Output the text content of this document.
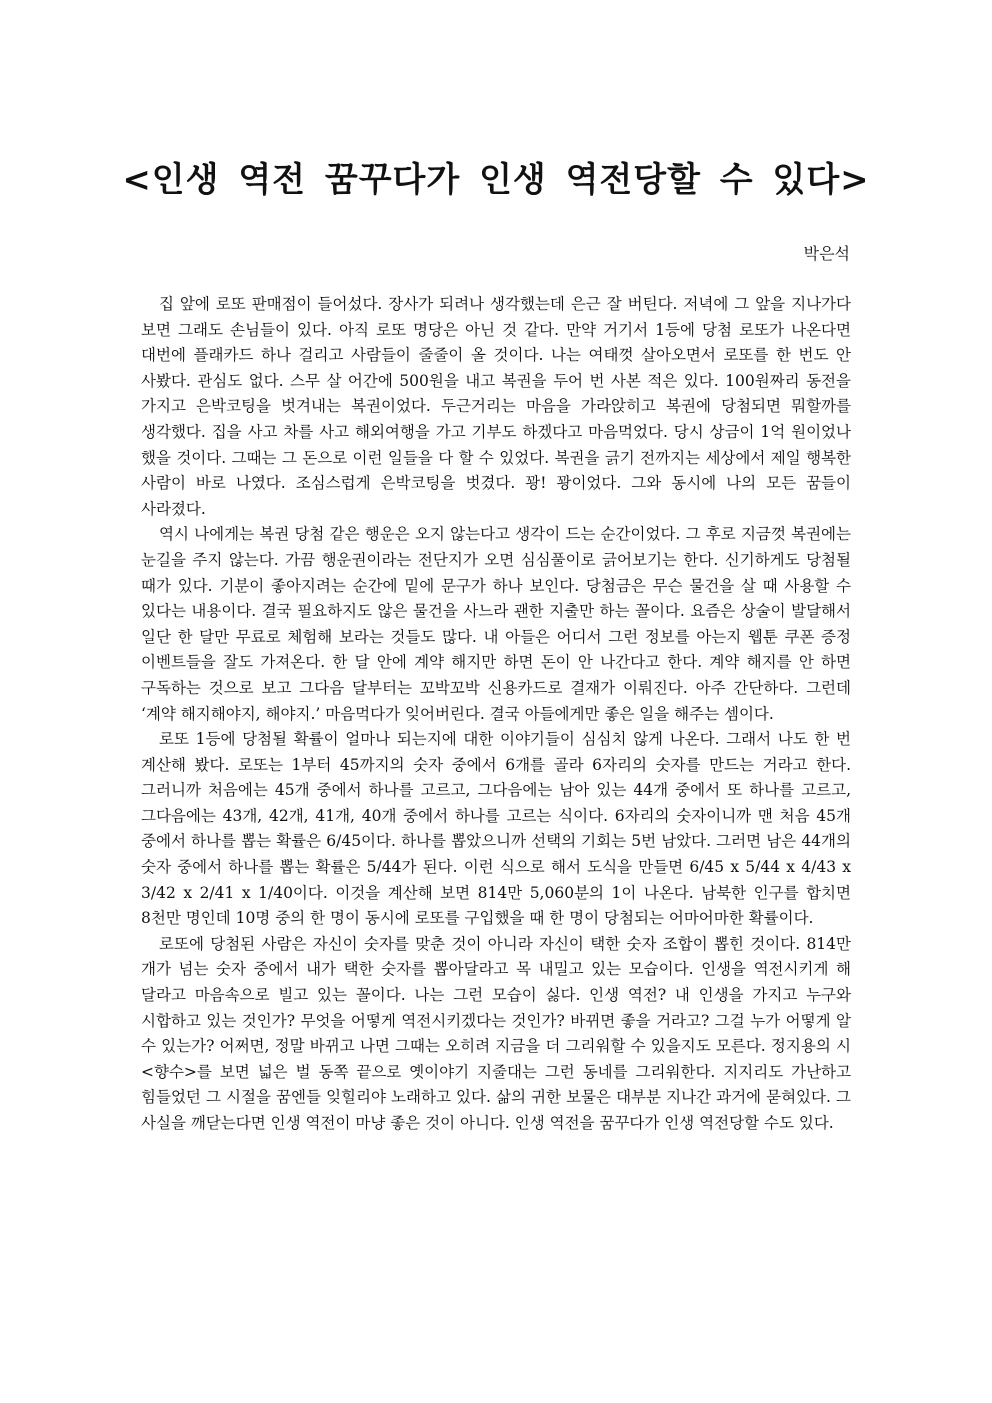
<인생 역전 꿈꾸다가 인생 역전당할 수 있다>

박은석

집 앞에 로또 판매점이 들어섰다. 장사가 되려나 생각했는데 은근 잘 버틴다. 저녁에 그 앞을 지나가다 보면 그래도 손님들이 있다. 아직 로또 명당은 아닌 것 같다. 만약 거기서 1등에 당첨 로또가 나온다면 대번에 플래카드 하나 걸리고 사람들이 줄줄이 올 것이다. 나는 여태껏 살아오면서 로또를 한 번도 안 사봤다. 관심도 없다. 스무 살 어간에 500원을 내고 복권을 두어 번 사본 적은 있다. 100원짜리 동전을 가지고 은박코팅을 벗겨내는 복권이었다. 두근거리는 마음을 가라앉히고 복권에 당첨되면 뭐할까를 생각했다. 집을 사고 차를 사고 해외여행을 가고 기부도 하겠다고 마음먹었다. 당시 상금이 1억 원이었나 했을 것이다. 그때는 그 돈으로 이런 일들을 다 할 수 있었다. 복권을 긁기 전까지는 세상에서 제일 행복한 사람이 바로 나였다. 조심스럽게 은박코팅을 벗겼다. 꽝! 꽝이었다. 그와 동시에 나의 모든 꿈들이 사라졌다.

역시 나에게는 복권 당첨 같은 행운은 오지 않는다고 생각이 드는 순간이었다. 그 후로 지금껏 복권에는 눈길을 주지 않는다. 가끔 행운권이라는 전단지가 오면 심심풀이로 긁어보기는 한다. 신기하게도 당첨될 때가 있다. 기분이 좋아지려는 순간에 밑에 문구가 하나 보인다. 당첨금은 무슨 물건을 살 때 사용할 수 있다는 내용이다. 결국 필요하지도 않은 물건을 사느라 괜한 지출만 하는 꼴이다. 요즘은 상술이 발달해서 일단 한 달만 무료로 체험해 보라는 것들도 많다. 내 아들은 어디서 그런 정보를 아는지 웹툰 쿠폰 증정 이벤트들을 잘도 가져온다. 한 달 안에 계약 해지만 하면 돈이 안 나간다고 한다. 계약 해지를 안 하면 구독하는 것으로 보고 그다음 달부터는 꼬박꼬박 신용카드로 결재가 이뤄진다. 아주 간단하다. 그런데 ‘계약 해지해야지, 해야지.’ 마음먹다가 잊어버린다. 결국 아들에게만 좋은 일을 해주는 셈이다.

로또 1등에 당첨될 확률이 얼마나 되는지에 대한 이야기들이 심심치 않게 나온다. 그래서 나도 한 번 계산해 봤다. 로또는 1부터 45까지의 숫자 중에서 6개를 골라 6자리의 숫자를 만드는 거라고 한다. 그러니까 처음에는 45개 중에서 하나를 고르고, 그다음에는 남아 있는 44개 중에서 또 하나를 고르고, 그다음에는 43개, 42개, 41개, 40개 중에서 하나를 고르는 식이다. 6자리의 숫자이니까 맨 처음 45개 중에서 하나를 뽑는 확률은 6/45이다. 하나를 뽑았으니까 선택의 기회는 5번 남았다. 그러면 남은 44개의 숫자 중에서 하나를 뽑는 확률은 5/44가 된다. 이런 식으로 해서 도식을 만들면 6/45 x 5/44 x 4/43 x 3/42 x 2/41 x 1/40이다. 이것을 계산해 보면 814만 5,060분의 1이 나온다. 남북한 인구를 합치면 8천만 명인데 10명 중의 한 명이 동시에 로또를 구입했을 때 한 명이 당첨되는 어마어마한 확률이다.

로또에 당첨된 사람은 자신이 숫자를 맞춘 것이 아니라 자신이 택한 숫자 조합이 뽑힌 것이다. 814만 개가 넘는 숫자 중에서 내가 택한 숫자를 뽑아달라고 목 내밀고 있는 모습이다. 인생을 역전시키게 해 달라고 마음속으로 빌고 있는 꼴이다. 나는 그런 모습이 싫다. 인생 역전? 내 인생을 가지고 누구와 시합하고 있는 것인가? 무엇을 어떻게 역전시키겠다는 것인가? 바뀌면 좋을 거라고? 그걸 누가 어떻게 알 수 있는가? 어쩌면, 정말 바뀌고 나면 그때는 오히려 지금을 더 그리워할 수 있을지도 모른다. 정지용의 시 <향수>를 보면 넓은 벌 동쪽 끝으로 옛이야기 지줄대는 그런 동네를 그리워한다. 지지리도 가난하고 힘들었던 그 시절을 꿈엔들 잊힐리야 노래하고 있다. 삶의 귀한 보물은 대부분 지나간 과거에 묻혀있다. 그 사실을 깨닫는다면 인생 역전이 마냥 좋은 것이 아니다. 인생 역전을 꿈꾸다가 인생 역전당할 수도 있다.
